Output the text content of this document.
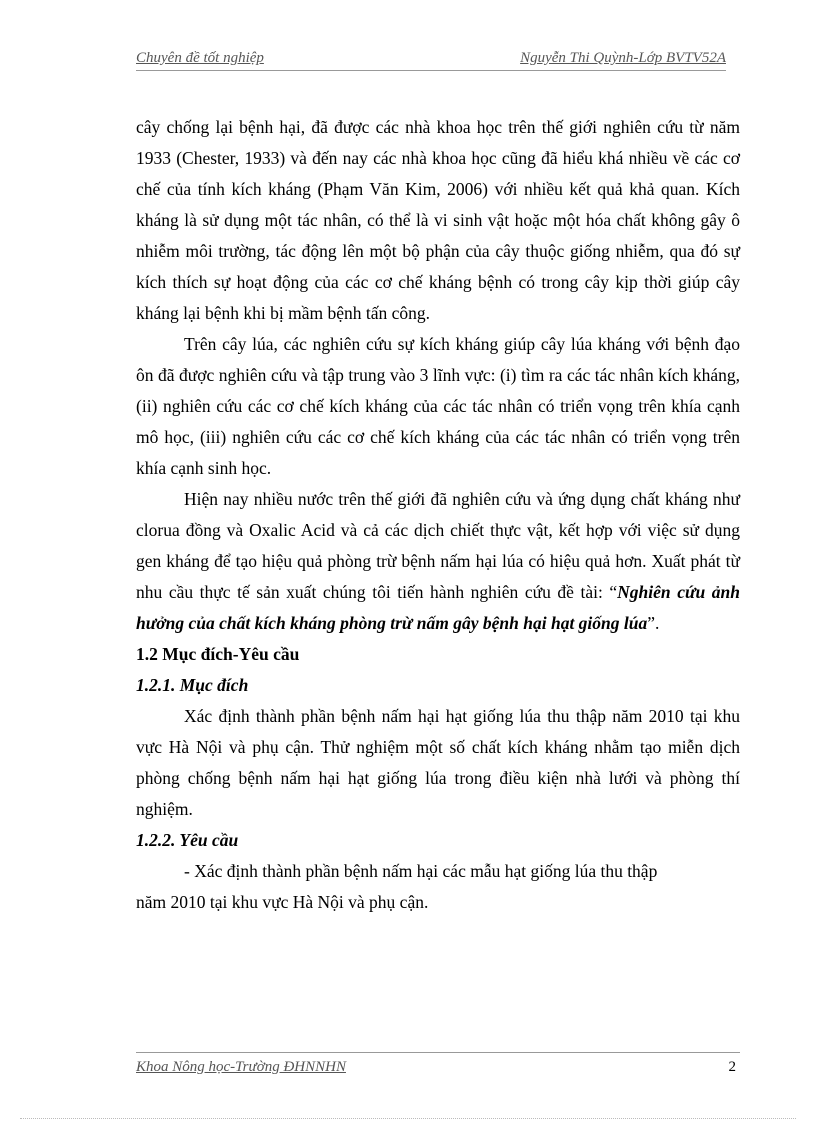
Chuyên đề tốt nghiệp	Nguyễn Thi Quỳnh-Lớp BVTV52A

cây chống lại bệnh hại, đã được các nhà khoa học trên thế giới nghiên cứu từ năm 1933 (Chester, 1933) và đến nay các nhà khoa học cũng đã hiểu khá nhiều về các cơ chế của tính kích kháng (Phạm Văn Kim, 2006) với nhiều kết quả khả quan. Kích kháng là sử dụng một tác nhân, có thể là vi sinh vật hoặc một hóa chất không gây ô nhiễm môi trường, tác động lên một bộ phận của cây thuộc giống nhiễm, qua đó sự kích thích sự hoạt động của các cơ chế kháng bệnh có trong cây kịp thời giúp cây kháng lại bệnh khi bị mầm bệnh tấn công.

Trên cây lúa, các nghiên cứu sự kích kháng giúp cây lúa kháng với bệnh đạo ôn đã được nghiên cứu và tập trung vào 3 lĩnh vực: (i) tìm ra các tác nhân kích kháng, (ii) nghiên cứu các cơ chế kích kháng của các tác nhân có triển vọng trên khía cạnh mô học, (iii) nghiên cứu các cơ chế kích kháng của các tác nhân có triển vọng trên khía cạnh sinh học.

Hiện nay nhiều nước trên thế giới đã nghiên cứu và ứng dụng chất kháng như clorua đồng và Oxalic Acid và cả các dịch chiết thực vật, kết hợp với việc sử dụng gen kháng để tạo hiệu quả phòng trừ bệnh nấm hại lúa có hiệu quả hơn. Xuất phát từ nhu cầu thực tế sản xuất chúng tôi tiến hành nghiên cứu đề tài: “Nghiên cứu ảnh hưởng của chất kích kháng phòng trừ nấm gây bệnh hại hạt giống lúa”.

1.2 Mục đích-Yêu cầu

1.2.1. Mục đích

Xác định thành phần bệnh nấm hại hạt giống lúa thu thập năm 2010 tại khu vực Hà Nội và phụ cận. Thử nghiệm một số chất kích kháng nhằm tạo miễn dịch phòng chống bệnh nấm hại hạt giống lúa trong điều kiện nhà lưới và phòng thí nghiệm.

1.2.2. Yêu cầu

- Xác định thành phần bệnh nấm hại các mẫu hạt giống lúa thu thập
năm 2010 tại khu vực Hà Nội và phụ cận.

Khoa Nông học-Trường ĐHNNHN	2
